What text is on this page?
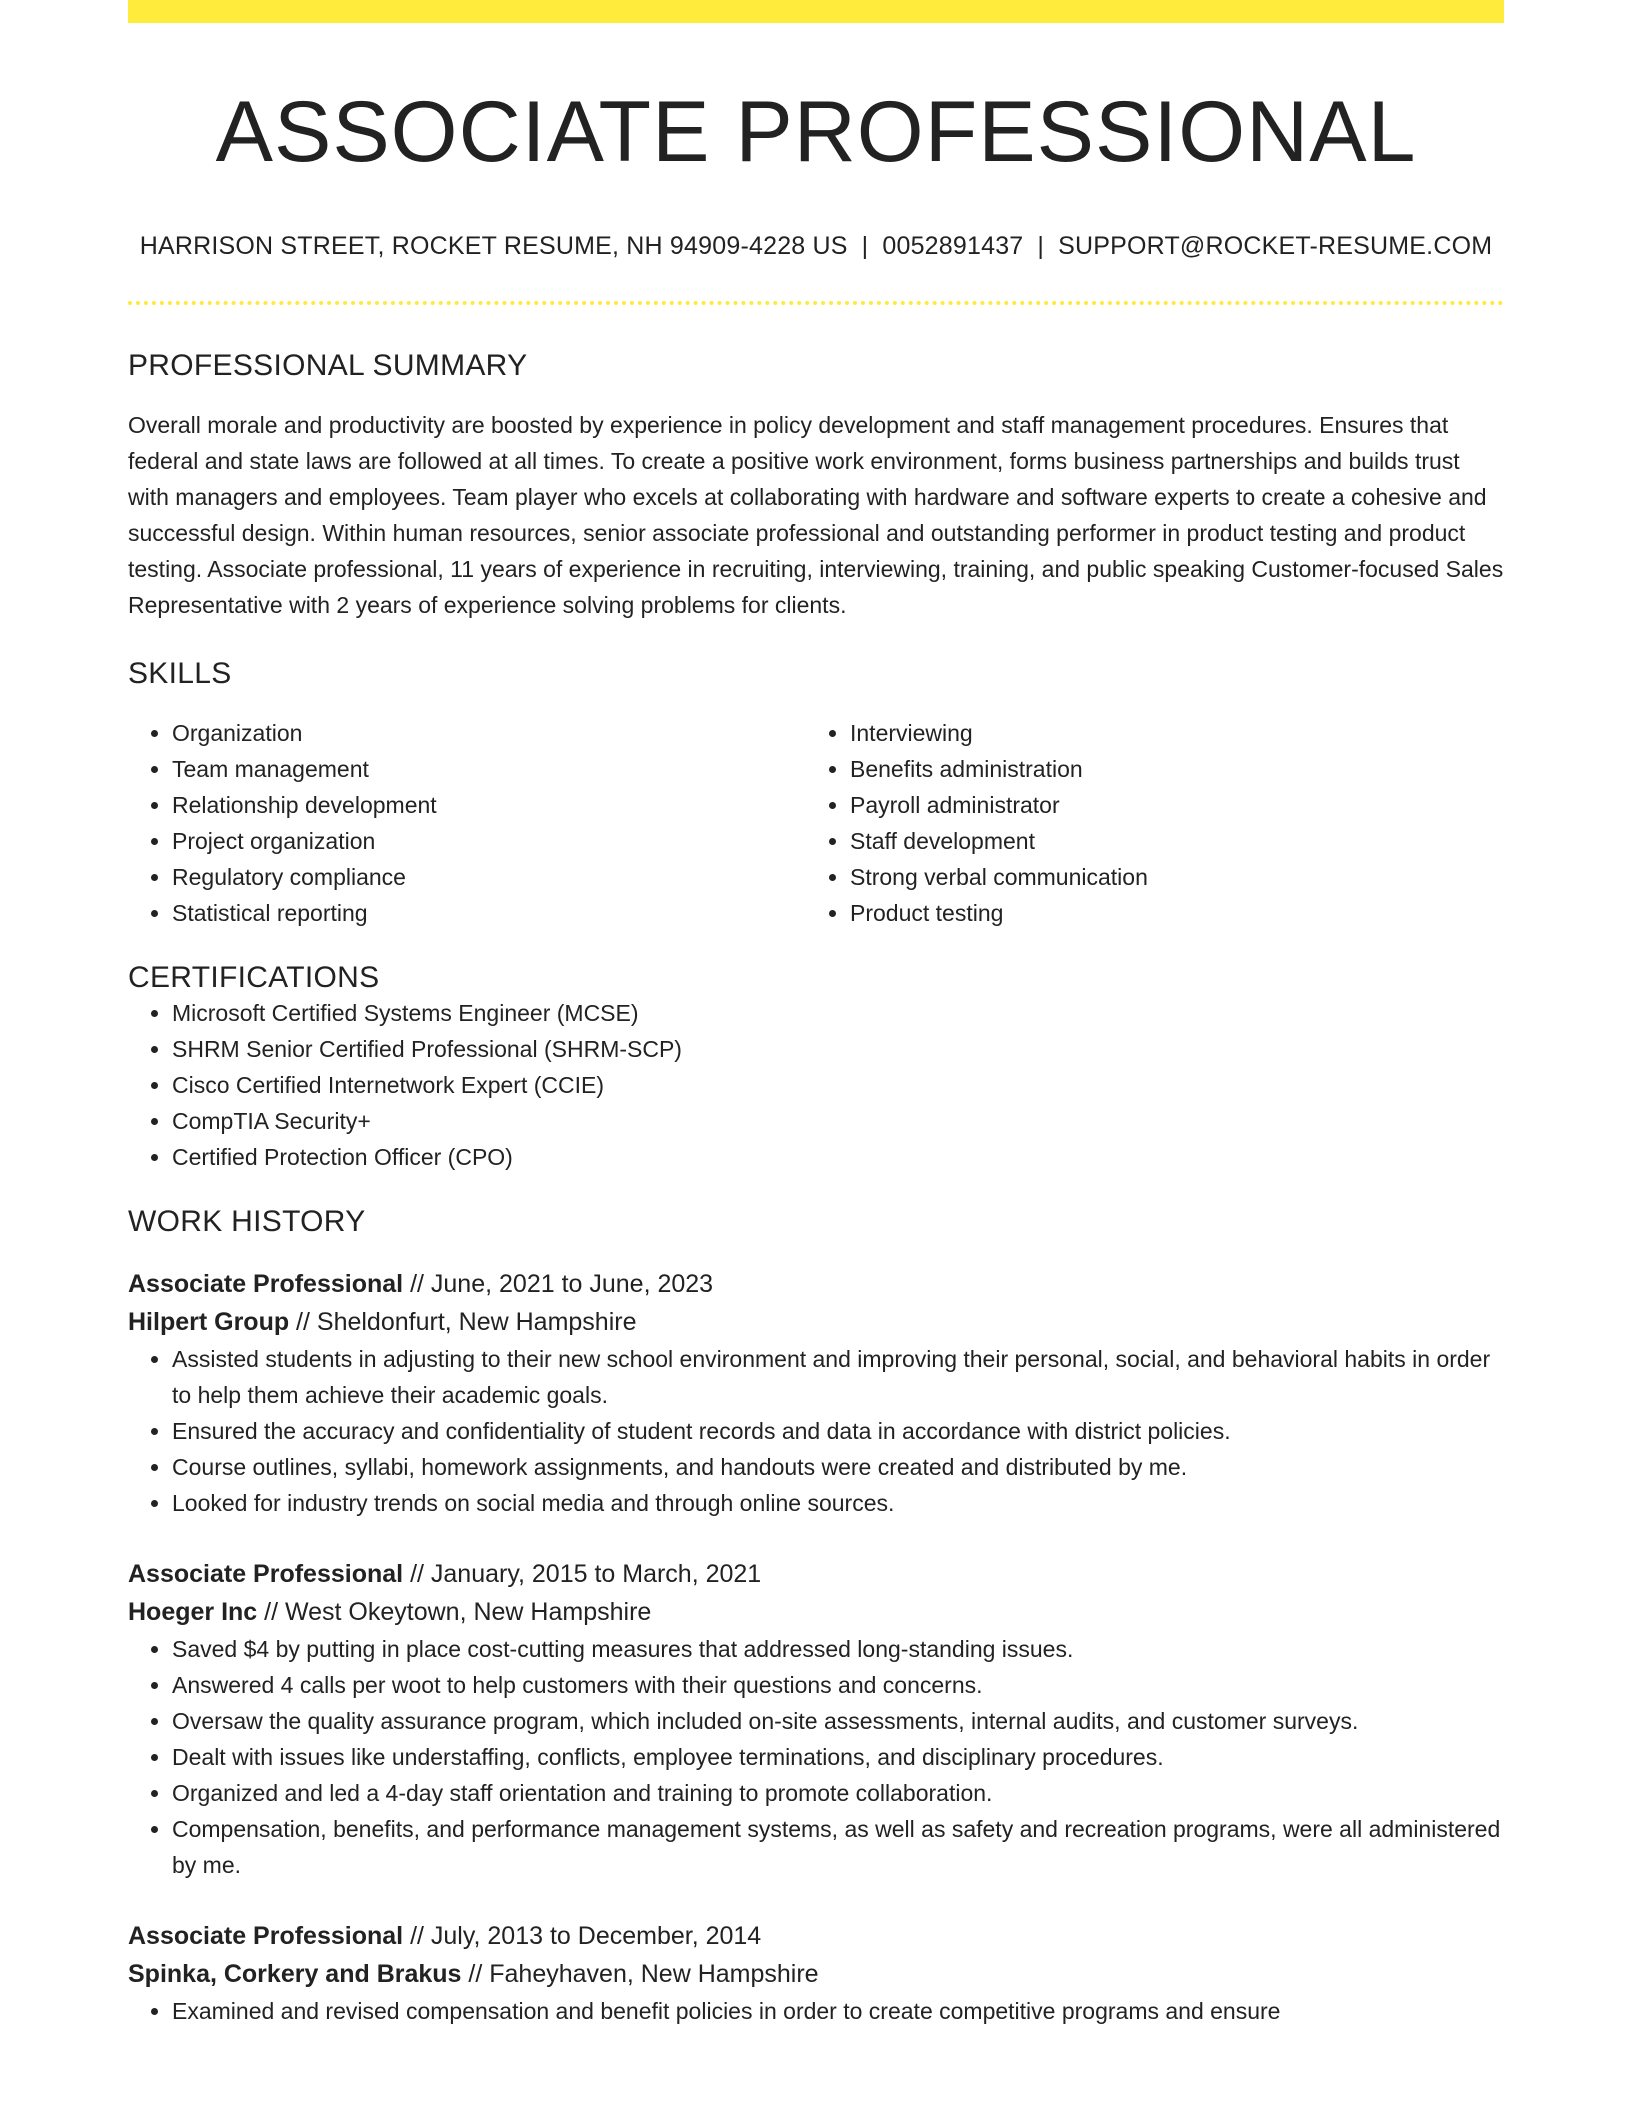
ASSOCIATE PROFESSIONAL
HARRISON STREET, ROCKET RESUME, NH 94909-4228 US | 0052891437 | SUPPORT@ROCKET-RESUME.COM
PROFESSIONAL SUMMARY
Overall morale and productivity are boosted by experience in policy development and staff management procedures. Ensures that federal and state laws are followed at all times. To create a positive work environment, forms business partnerships and builds trust with managers and employees. Team player who excels at collaborating with hardware and software experts to create a cohesive and successful design. Within human resources, senior associate professional and outstanding performer in product testing and product testing. Associate professional, 11 years of experience in recruiting, interviewing, training, and public speaking Customer-focused Sales Representative with 2 years of experience solving problems for clients.
SKILLS
• Organization
• Team management
• Relationship development
• Project organization
• Regulatory compliance
• Statistical reporting
• Interviewing
• Benefits administration
• Payroll administrator
• Staff development
• Strong verbal communication
• Product testing
CERTIFICATIONS
• Microsoft Certified Systems Engineer (MCSE)
• SHRM Senior Certified Professional (SHRM-SCP)
• Cisco Certified Internetwork Expert (CCIE)
• CompTIA Security+
• Certified Protection Officer (CPO)
WORK HISTORY
Associate Professional // June, 2021 to June, 2023
Hilpert Group // Sheldonfurt, New Hampshire
• Assisted students in adjusting to their new school environment and improving their personal, social, and behavioral habits in order to help them achieve their academic goals.
• Ensured the accuracy and confidentiality of student records and data in accordance with district policies.
• Course outlines, syllabi, homework assignments, and handouts were created and distributed by me.
• Looked for industry trends on social media and through online sources.
Associate Professional // January, 2015 to March, 2021
Hoeger Inc // West Okeytown, New Hampshire
• Saved $4 by putting in place cost-cutting measures that addressed long-standing issues.
• Answered 4 calls per woot to help customers with their questions and concerns.
• Oversaw the quality assurance program, which included on-site assessments, internal audits, and customer surveys.
• Dealt with issues like understaffing, conflicts, employee terminations, and disciplinary procedures.
• Organized and led a 4-day staff orientation and training to promote collaboration.
• Compensation, benefits, and performance management systems, as well as safety and recreation programs, were all administered by me.
Associate Professional // July, 2013 to December, 2014
Spinka, Corkery and Brakus // Faheyhaven, New Hampshire
• Examined and revised compensation and benefit policies in order to create competitive programs and ensure
